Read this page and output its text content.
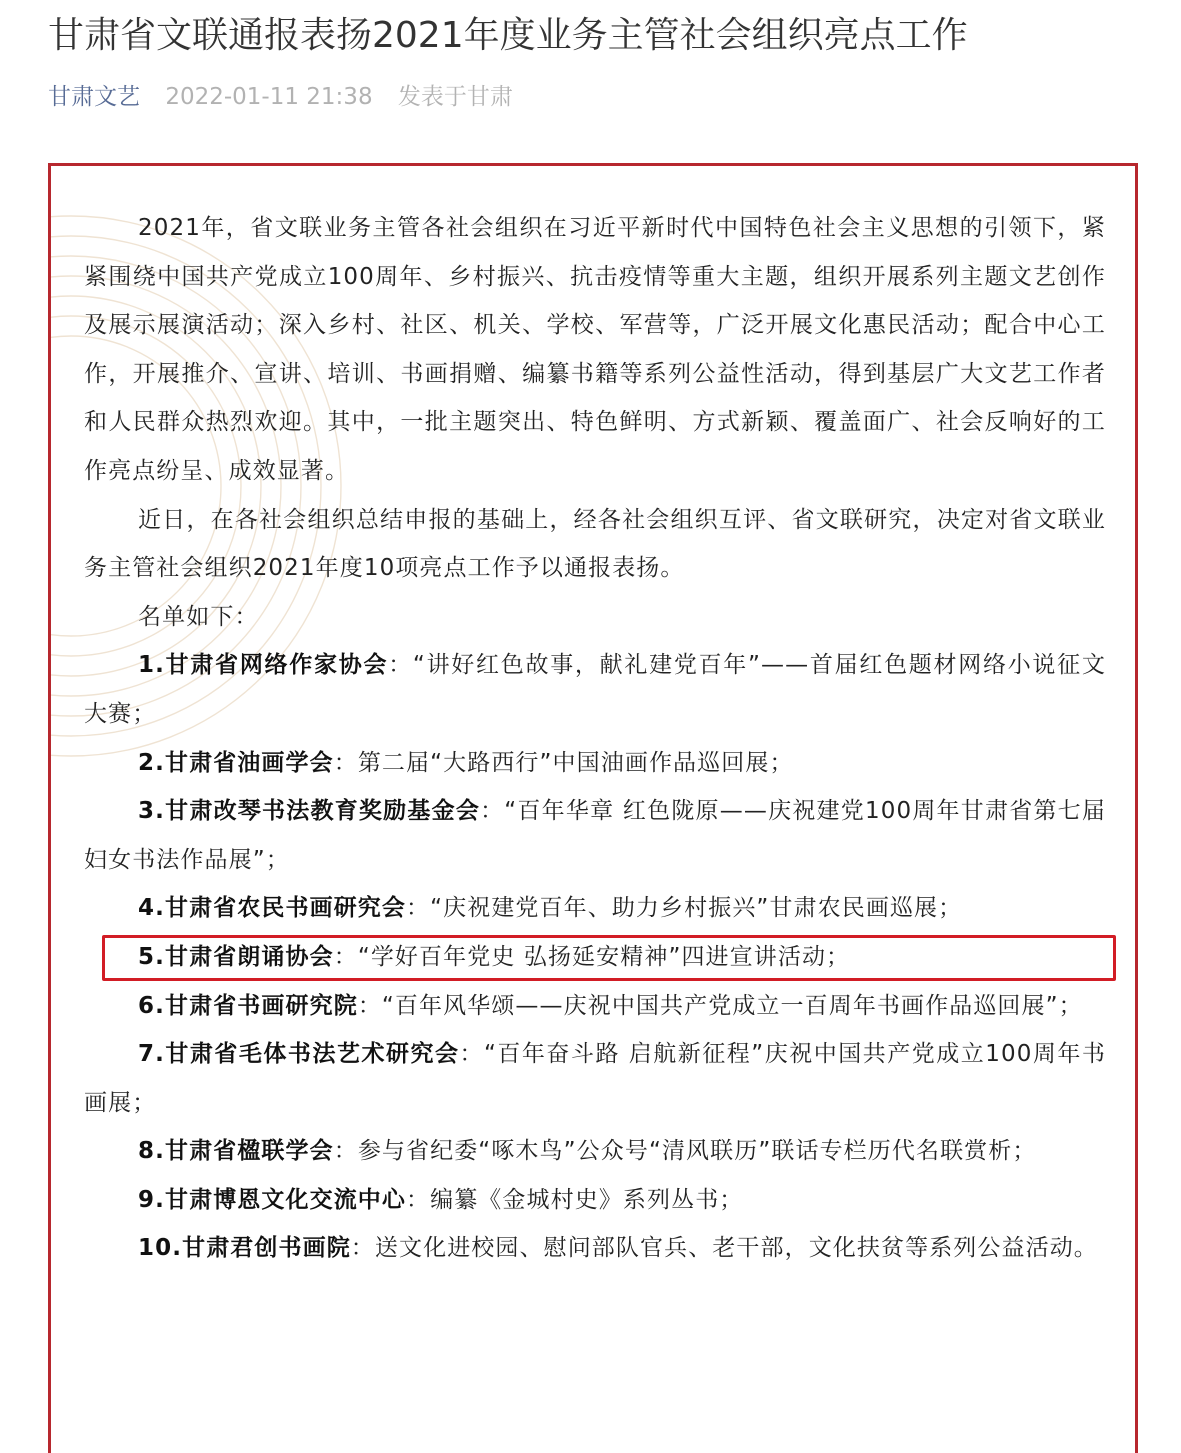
甘肃省文联通报表扬2021年度业务主管社会组织亮点工作
甘肃文艺 2022-01-11 21:38 发表于甘肃

2021年，省文联业务主管各社会组织在习近平新时代中国特色社会主义思想的引领下，紧紧围绕中国共产党成立100周年、乡村振兴、抗击疫情等重大主题，组织开展系列主题文艺创作及展示展演活动；深入乡村、社区、机关、学校、军营等，广泛开展文化惠民活动；配合中心工作，开展推介、宣讲、培训、书画捐赠、编纂书籍等系列公益性活动，得到基层广大文艺工作者和人民群众热烈欢迎。其中，一批主题突出、特色鲜明、方式新颖、覆盖面广、社会反响好的工作亮点纷呈、成效显著。

近日，在各社会组织总结申报的基础上，经各社会组织互评、省文联研究，决定对省文联业务主管社会组织2021年度10项亮点工作予以通报表扬。

名单如下：

1.甘肃省网络作家协会：“讲好红色故事，献礼建党百年”——首届红色题材网络小说征文大赛；

2.甘肃省油画学会：第二届“大路西行”中国油画作品巡回展；

3.甘肃改琴书法教育奖励基金会：“百年华章 红色陇原——庆祝建党100周年甘肃省第七届妇女书法作品展”；

4.甘肃省农民书画研究会：“庆祝建党百年、助力乡村振兴”甘肃农民画巡展；

5.甘肃省朗诵协会：“学好百年党史 弘扬延安精神”四进宣讲活动；

6.甘肃省书画研究院：“百年风华颂——庆祝中国共产党成立一百周年书画作品巡回展”；

7.甘肃省毛体书法艺术研究会：“百年奋斗路 启航新征程”庆祝中国共产党成立100周年书画展；

8.甘肃省楹联学会：参与省纪委“啄木鸟”公众号“清风联历”联话专栏历代名联赏析；

9.甘肃博恩文化交流中心：编纂《金城村史》系列丛书；

10.甘肃君创书画院：送文化进校园、慰问部队官兵、老干部，文化扶贫等系列公益活动。
